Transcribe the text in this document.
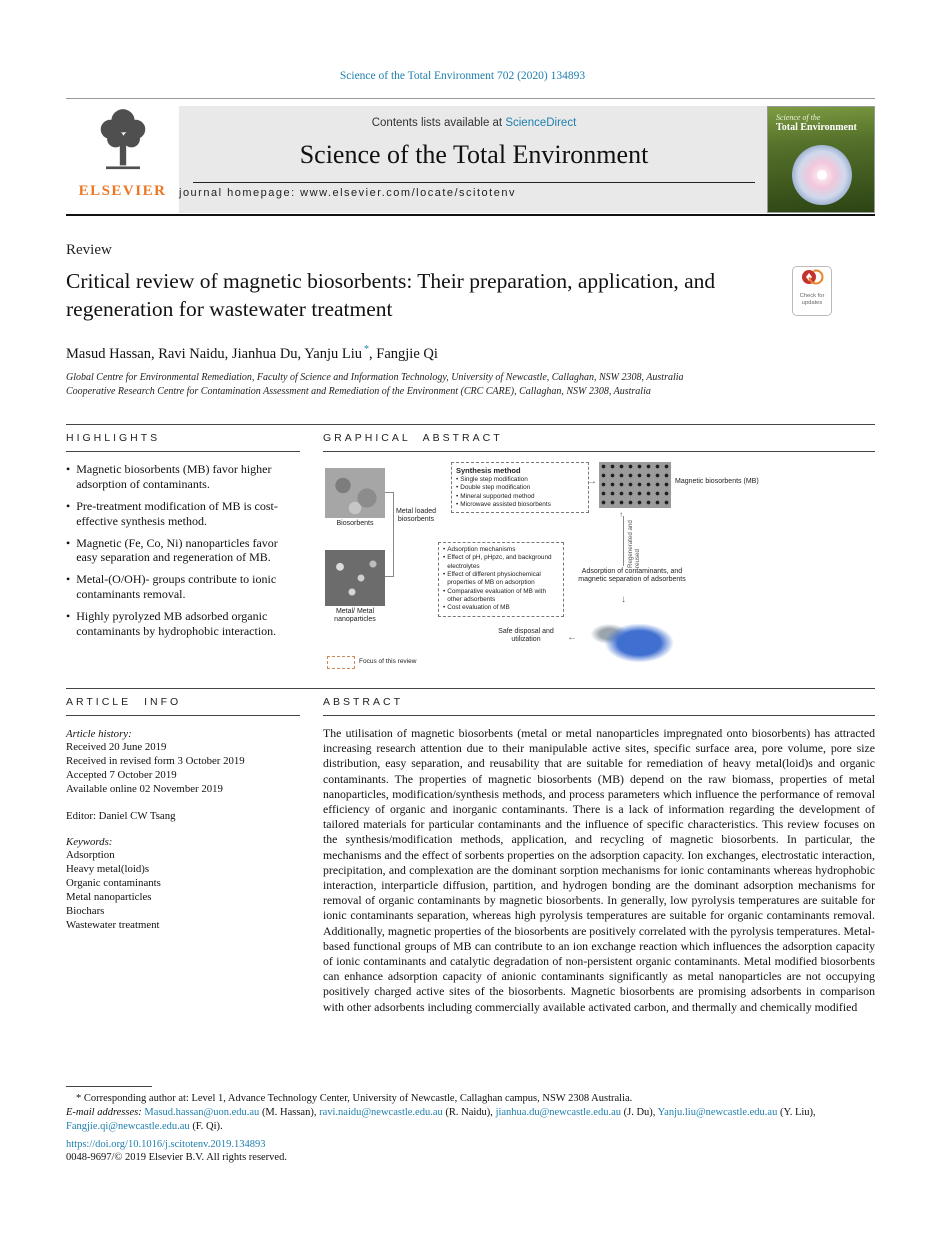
Science of the Total Environment 702 (2020) 134893
ELSEVIER
Contents lists available at ScienceDirect
Science of the Total Environment
journal homepage: www.elsevier.com/locate/scitotenv
Science of the
Total Environment
Review
Critical review of magnetic biosorbents: Their preparation, application, and regeneration for wastewater treatment
Check for
updates
Masud Hassan, Ravi Naidu, Jianhua Du, Yanju Liu *, Fangjie Qi
Global Centre for Environmental Remediation, Faculty of Science and Information Technology, University of Newcastle, Callaghan, NSW 2308, Australia
Cooperative Research Centre for Contamination Assessment and Remediation of the Environment (CRC CARE), Callaghan, NSW 2308, Australia
HIGHLIGHTS
• Magnetic biosorbents (MB) favor higher adsorption of contaminants.
• Pre-treatment modification of MB is cost-effective synthesis method.
• Magnetic (Fe, Co, Ni) nanoparticles favor easy separation and regeneration of MB.
• Metal-(O/OH)- groups contribute to ionic contaminants removal.
• Highly pyrolyzed MB adsorbed organic contaminants by hydrophobic interaction.
GRAPHICAL ABSTRACT
Biosorbents
Metal/ Metal nanoparticles
Metal loaded biosorbents
Synthesis method
• Single step modification
• Double step modification
• Mineral supported method
• Microwave assisted biosorbents
→	Magnetic biosorbents (MB)
↑
Regenerated and reused
• Adsorption mechanisms
• Effect of pH, pHpzc, and background electrolytes
• Effect of different physiochemical properties of MB on adsorption
• Comparative evaluation of MB with other adsorbents
• Cost evaluation of MB
Adsorption of contaminants, and magnetic separation of adsorbents
↓
←
Safe disposal and utilization
Focus of this review
ARTICLE INFO
Article history:
Received 20 June 2019
Received in revised form 3 October 2019
Accepted 7 October 2019
Available online 02 November 2019
Editor: Daniel CW Tsang
Keywords:
Adsorption
Heavy metal(loid)s
Organic contaminants
Metal nanoparticles
Biochars
Wastewater treatment
ABSTRACT
The utilisation of magnetic biosorbents (metal or metal nanoparticles impregnated onto biosorbents) has attracted increasing research attention due to their manipulable active sites, specific surface area, pore volume, pore size distribution, easy separation, and reusability that are suitable for remediation of heavy metal(loid)s and organic contaminants. The properties of magnetic biosorbents (MB) depend on the raw biomass, properties of metal nanoparticles, modification/synthesis methods, and process parameters which influence the performance of removal efficiency of organic and inorganic contaminants. There is a lack of information regarding the development of tailored materials for particular contaminants and the influence of specific characteristics. This review focuses on the synthesis/modification methods, application, and recycling of magnetic biosorbents. In particular, the mechanisms and the effect of sorbents properties on the adsorption capacity. Ion exchanges, electrostatic interaction, precipitation, and complexation are the dominant sorption mechanisms for ionic contaminants whereas hydrophobic interaction, interparticle diffusion, partition, and hydrogen bonding are the dominant adsorption mechanisms for removal of organic contaminants by magnetic biosorbents. In generally, low pyrolysis temperatures are suitable for ionic contaminants separation, whereas high pyrolysis temperatures are suitable for organic contaminants removal. Additionally, magnetic properties of the biosorbents are positively correlated with the pyrolysis temperatures. Metal-based functional groups of MB can contribute to an ion exchange reaction which influences the adsorption capacity of ionic contaminants and catalytic degradation of non-persistent organic contaminants. Metal modified biosorbents can enhance adsorption capacity of anionic contaminants significantly as metal nanoparticles are not occupying positively charged active sites of the biosorbents. Magnetic biosorbents are promising adsorbents in comparison with other adsorbents including commercially available activated carbon, and thermally and chemically modified
* Corresponding author at: Level 1, Advance Technology Center, University of Newcastle, Callaghan campus, NSW 2308 Australia.
E-mail addresses: Masud.hassan@uon.edu.au (M. Hassan), ravi.naidu@newcastle.edu.au (R. Naidu), jianhua.du@newcastle.edu.au (J. Du), Yanju.liu@newcastle.edu.au (Y. Liu), Fangjie.qi@newcastle.edu.au (F. Qi).
https://doi.org/10.1016/j.scitotenv.2019.134893
0048-9697/© 2019 Elsevier B.V. All rights reserved.
